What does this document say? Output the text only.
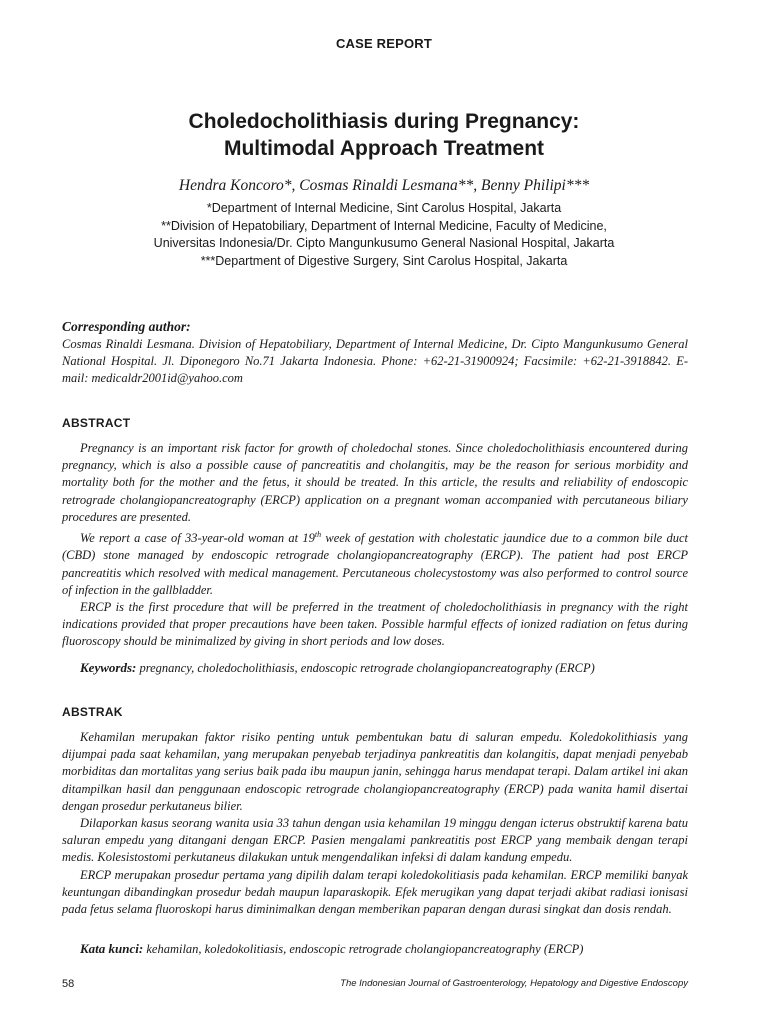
CASE REPORT
Choledocholithiasis during Pregnancy:
Multimodal Approach Treatment
Hendra Koncoro*, Cosmas Rinaldi Lesmana**, Benny Philipi***
*Department of Internal Medicine, Sint Carolus Hospital, Jakarta
**Division of Hepatobiliary, Department of Internal Medicine, Faculty of Medicine,
Universitas Indonesia/Dr. Cipto Mangunkusumo General Nasional Hospital, Jakarta
***Department of Digestive Surgery, Sint Carolus Hospital, Jakarta
Corresponding author:
Cosmas Rinaldi Lesmana. Division of Hepatobiliary, Department of Internal Medicine, Dr. Cipto Mangunkusumo General National Hospital. Jl. Diponegoro No.71 Jakarta Indonesia. Phone: +62-21-31900924; Facsimile: +62-21-3918842. E-mail: medicaldr2001id@yahoo.com
ABSTRACT

Pregnancy is an important risk factor for growth of choledochal stones. Since choledocholithiasis encountered during pregnancy, which is also a possible cause of pancreatitis and cholangitis, may be the reason for serious morbidity and mortality both for the mother and the fetus, it should be treated. In this article, the results and reliability of endoscopic retrograde cholangiopancreatography (ERCP) application on a pregnant woman accompanied with percutaneous biliary procedures are presented.

We report a case of 33-year-old woman at 19th week of gestation with cholestatic jaundice due to a common bile duct (CBD) stone managed by endoscopic retrograde cholangiopancreatography (ERCP). The patient had post ERCP pancreatitis which resolved with medical management. Percutaneous cholecystostomy was also performed to control source of infection in the gallbladder.

ERCP is the first procedure that will be preferred in the treatment of choledocholithiasis in pregnancy with the right indications provided that proper precautions have been taken. Possible harmful effects of ionized radiation on fetus during fluoroscopy should be minimalized by giving in short periods and low doses.

Keywords: pregnancy, choledocholithiasis, endoscopic retrograde cholangiopancreatography (ERCP)
ABSTRAK

Kehamilan merupakan faktor risiko penting untuk pembentukan batu di saluran empedu. Koledokolithiasis yang dijumpai pada saat kehamilan, yang merupakan penyebab terjadinya pankreatitis dan kolangitis, dapat menjadi penyebab morbiditas dan mortalitas yang serius baik pada ibu maupun janin, sehingga harus mendapat terapi. Dalam artikel ini akan ditampilkan hasil dan penggunaan endoscopic retrograde cholangiopancreatography (ERCP) pada wanita hamil disertai dengan prosedur perkutaneus bilier.

Dilaporkan kasus seorang wanita usia 33 tahun dengan usia kehamilan 19 minggu dengan icterus obstruktif karena batu saluran empedu yang ditangani dengan ERCP. Pasien mengalami pankreatitis post ERCP yang membaik dengan terapi medis. Kolesistostomi perkutaneus dilakukan untuk mengendalikan infeksi di dalam kandung empedu.

ERCP merupakan prosedur pertama yang dipilih dalam terapi koledokolitiasis pada kehamilan. ERCP memiliki banyak keuntungan dibandingkan prosedur bedah maupun laparaskopik. Efek merugikan yang dapat terjadi akibat radiasi ionisasi pada fetus selama fluoroskopi harus diminimalkan dengan memberikan paparan dengan durasi singkat dan dosis rendah.

Kata kunci: kehamilan, koledokolitiasis, endoscopic retrograde cholangiopancreatography (ERCP)
58	The Indonesian Journal of Gastroenterology, Hepatology and Digestive Endoscopy
